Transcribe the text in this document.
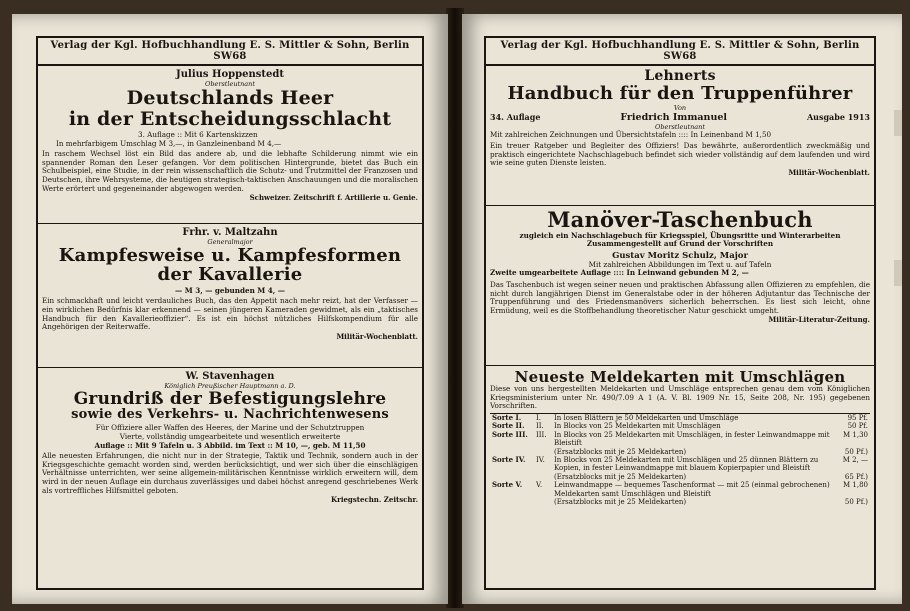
Verlag der Kgl. Hofbuchhandlung E. S. Mittler & Sohn, Berlin SW68
Julius Hoppenstedt
Oberstleutnant
Deutschlands Heer
in der Entscheidungsschlacht
3. Auflage :: Mit 6 Kartenskizzen
In mehrfarbigem Umschlag M 3,—, in Ganzleinenband M 4,—
In raschem Wechsel löst ein Bild das andere ab, und die lebhafte Schilderung nimmt wie ein spannender Roman den Leser gefangen. Vor dem politischen Hintergrunde, bietet das Buch ein Schulbeispiel, eine Studie, in der rein wissenschaftlich die Schutz- und Trutzmittel der Franzosen und Deutschen, ihre Wehrsysteme, die heutigen strategisch-taktischen Anschauungen und die moralischen Werte erörtert und gegeneinander abgewogen werden.
Schweizer. Zeitschrift f. Artillerie u. Genie.
Frhr. v. Maltzahn
Generalmajor
Kampfesweise u. Kampfesformen
der Kavallerie
— M 3, — gebunden M 4, —
Ein schmackhaft und leicht verdauliches Buch, das den Appetit nach mehr reizt, hat der Verfasser — ein wirklichen Bedürfnis klar erkennend — seinen jüngeren Kameraden gewidmet, als ein „taktisches Handbuch für den Kavallerieoffizier“. Es ist ein höchst nützliches Hilfskompendium für alle Angehörigen der Reiterwaffe.
Militär-Wochenblatt.
W. Stavenhagen
Königlich Preußischer Hauptmann a. D.
Grundriß der Befestigungslehre
sowie des Verkehrs- u. Nachrichtenwesens
Für Offiziere aller Waffen des Heeres, der Marine und der Schutztruppen
Vierte, vollständig umgearbeitete und wesentlich erweiterte
Auflage :: Mit 9 Tafeln u. 3 Abbild. im Text :: M 10, —, geb. M 11,50
Alle neuesten Erfahrungen, die nicht nur in der Strategie, Taktik und Technik, sondern auch in der Kriegsgeschichte gemacht worden sind, werden berücksichtigt, und wer sich über die einschlägigen Verhältnisse unterrichten, wer seine allgemein-militärischen Kenntnisse wirklich erweitern will, dem wird in der neuen Auflage ein durchaus zuverlässiges und dabei höchst anregend geschriebenes Werk als vortreffliches Hilfsmittel geboten.
Kriegstechn. Zeitschr.
Verlag der Kgl. Hofbuchhandlung E. S. Mittler & Sohn, Berlin SW68
Lehnerts
Handbuch für den Truppenführer
Von
34. Auflage	Friedrich Immanuel	Ausgabe 1913
Oberstleutnant
Mit zahlreichen Zeichnungen und Übersichtstafeln :::: In Leinenband M 1,50
Ein treuer Ratgeber und Begleiter des Offiziers! Das bewährte, außerordentlich zweckmäßig und praktisch eingerichtete Nachschlagebuch befindet sich wieder vollständig auf dem laufenden und wird wie seine guten Dienste leisten.
Militär-Wochenblatt.
Manöver-Taschenbuch
zugleich ein Nachschlagebuch für Kriegsspiel, Übungsritte und Winterarbeiten
Zusammengestellt auf Grund der Vorschriften
Gustav Moritz Schulz, Major
Mit zahlreichen Abbildungen im Text u. auf Tafeln
Zweite umgearbeitete Auflage :::: In Leinwand gebunden M 2, —
Das Taschenbuch ist wegen seiner neuen und praktischen Abfassung allen Offizieren zu empfehlen, die nicht durch langjährigen Dienst im Generalstabe oder in der höheren Adjutantur das Technische der Truppenführung und des Friedensmanövers sicherlich beherrschen. Es liest sich leicht, ohne Ermüdung, weil es die Stoffbehandlung theoretischer Natur geschickt umgeht.
Militär-Literatur-Zeitung.
Neueste Meldekarten mit Umschlägen
Diese von uns hergestellten Meldekarten und Umschläge entsprechen genau dem vom Königlichen Kriegsministerium unter Nr. 490/7.09 A 1 (A. V. Bl. 1909 Nr. 15, Seite 208, Nr. 195) gegebenen Vorschriften.
Sorte I.	I.	In losen Blättern je 50 Meldekarten und Umschläge	95 Pf.
Sorte II.	II.	In Blocks von 25 Meldekarten mit Umschlägen	50 Pf.
Sorte III.	III.	In Blocks von 25 Meldekarten mit Umschlägen, in fester Leinwandmappe mit Bleistift	M 1,30
		(Ersatzblocks mit je 25 Meldekarten)	50 Pf.)
Sorte IV.	IV.	In Blocks von 25 Meldekarten mit Umschlägen und 25 dünnen Blättern zu Kopien, in fester Leinwandmappe mit blauem Kopierpapier und Bleistift	M 2, —
		(Ersatzblocks mit je 25 Meldekarten)	65 Pf.)
Sorte V.	V.	Leinwandmappe — bequemes Taschenformat — mit 25 (einmal gebrochenen) Meldekarten samt Umschlägen und Bleistift	M 1,80
		(Ersatzblocks mit je 25 Meldekarten)	50 Pf.)
